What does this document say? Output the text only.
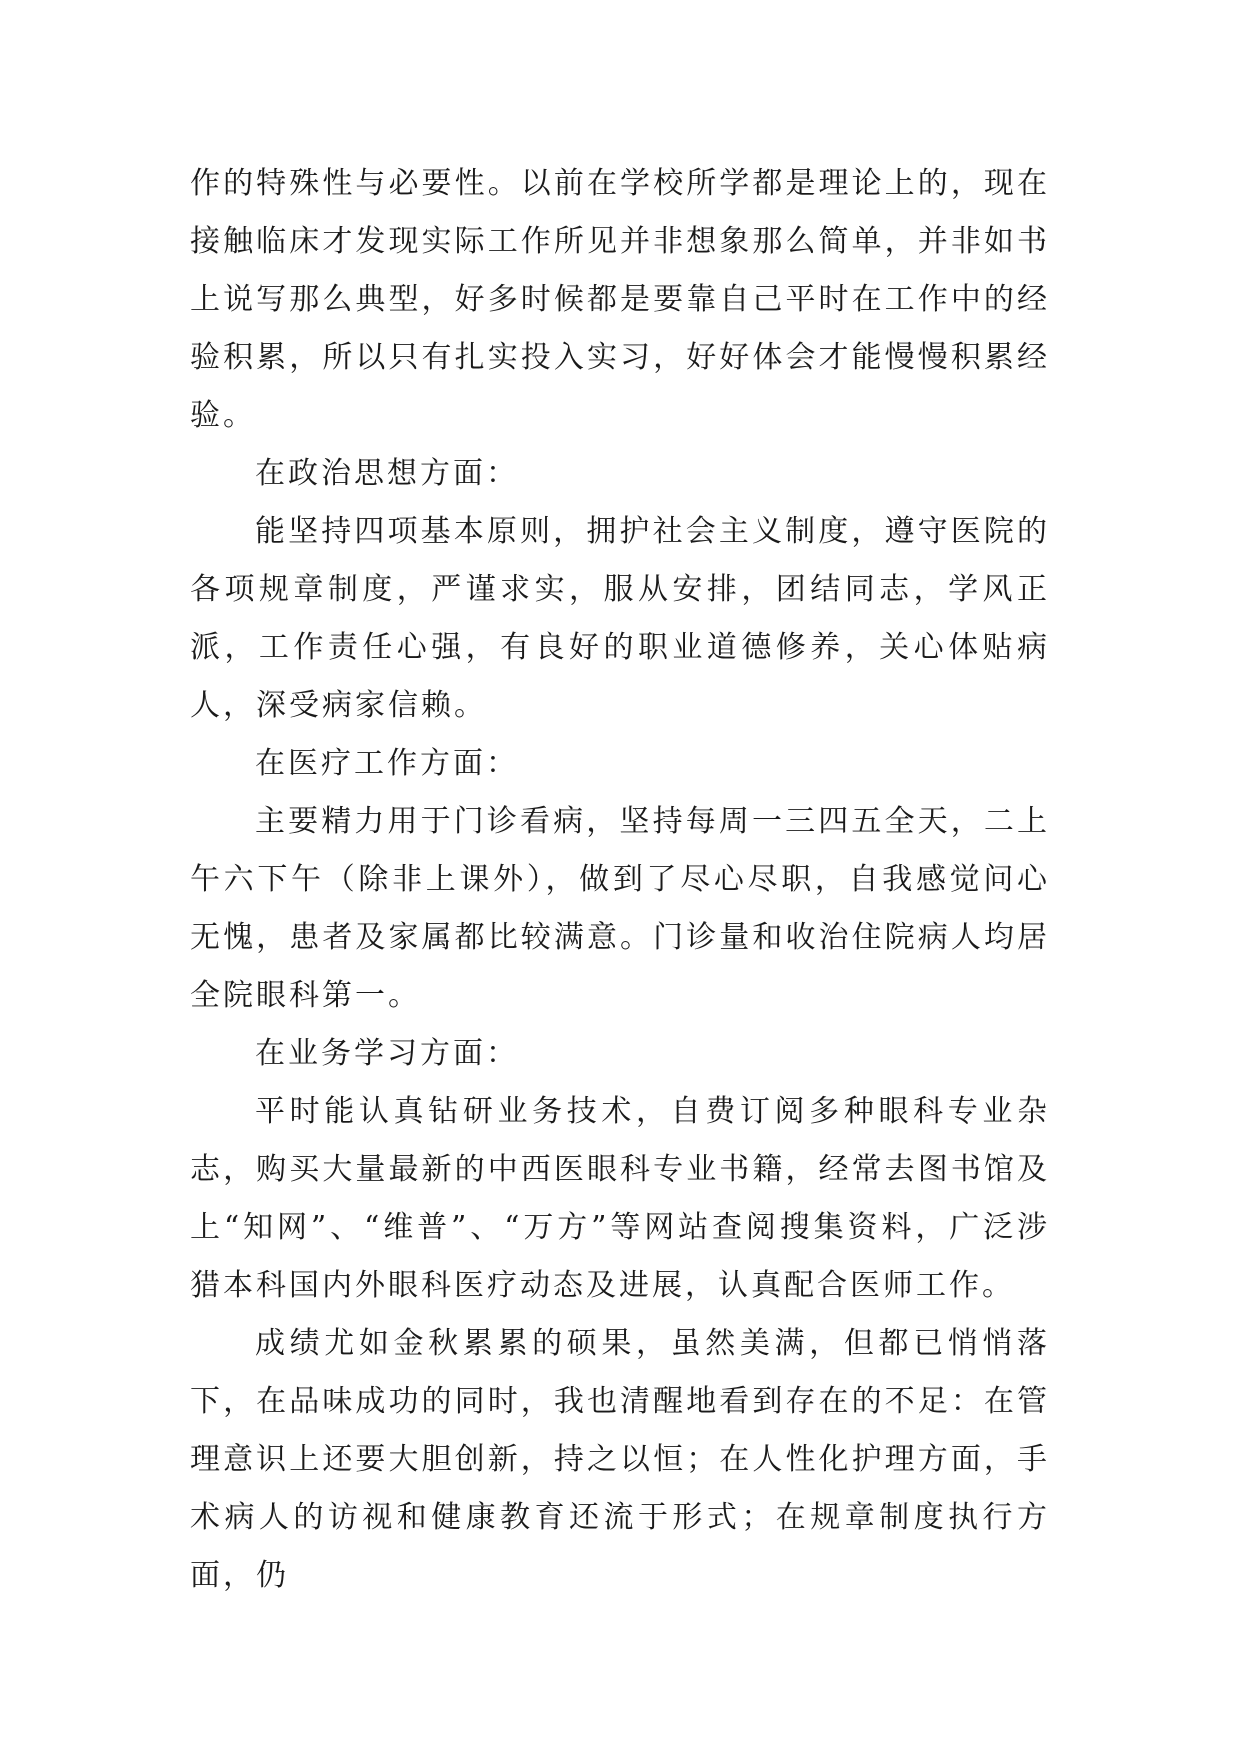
作的特殊性与必要性。以前在学校所学都是理论上的，现在接触临床才发现实际工作所见并非想象那么简单，并非如书上说写那么典型，好多时候都是要靠自己平时在工作中的经验积累，所以只有扎实投入实习，好好体会才能慢慢积累经验。

在政治思想方面：

能坚持四项基本原则，拥护社会主义制度，遵守医院的各项规章制度，严谨求实，服从安排，团结同志，学风正派，工作责任心强，有良好的职业道德修养，关心体贴病人，深受病家信赖。

在医疗工作方面：

主要精力用于门诊看病，坚持每周一三四五全天，二上午六下午（除非上课外），做到了尽心尽职，自我感觉问心无愧，患者及家属都比较满意。门诊量和收治住院病人均居全院眼科第一。

在业务学习方面：

平时能认真钻研业务技术，自费订阅多种眼科专业杂志，购买大量最新的中西医眼科专业书籍，经常去图书馆及上“知网”、“维普”、“万方”等网站查阅搜集资料，广泛涉猎本科国内外眼科医疗动态及进展，认真配合医师工作。

成绩尤如金秋累累的硕果，虽然美满，但都已悄悄落下，在品味成功的同时，我也清醒地看到存在的不足：在管理意识上还要大胆创新，持之以恒；在人性化护理方面，手术病人的访视和健康教育还流于形式；在规章制度执行方面，仍
